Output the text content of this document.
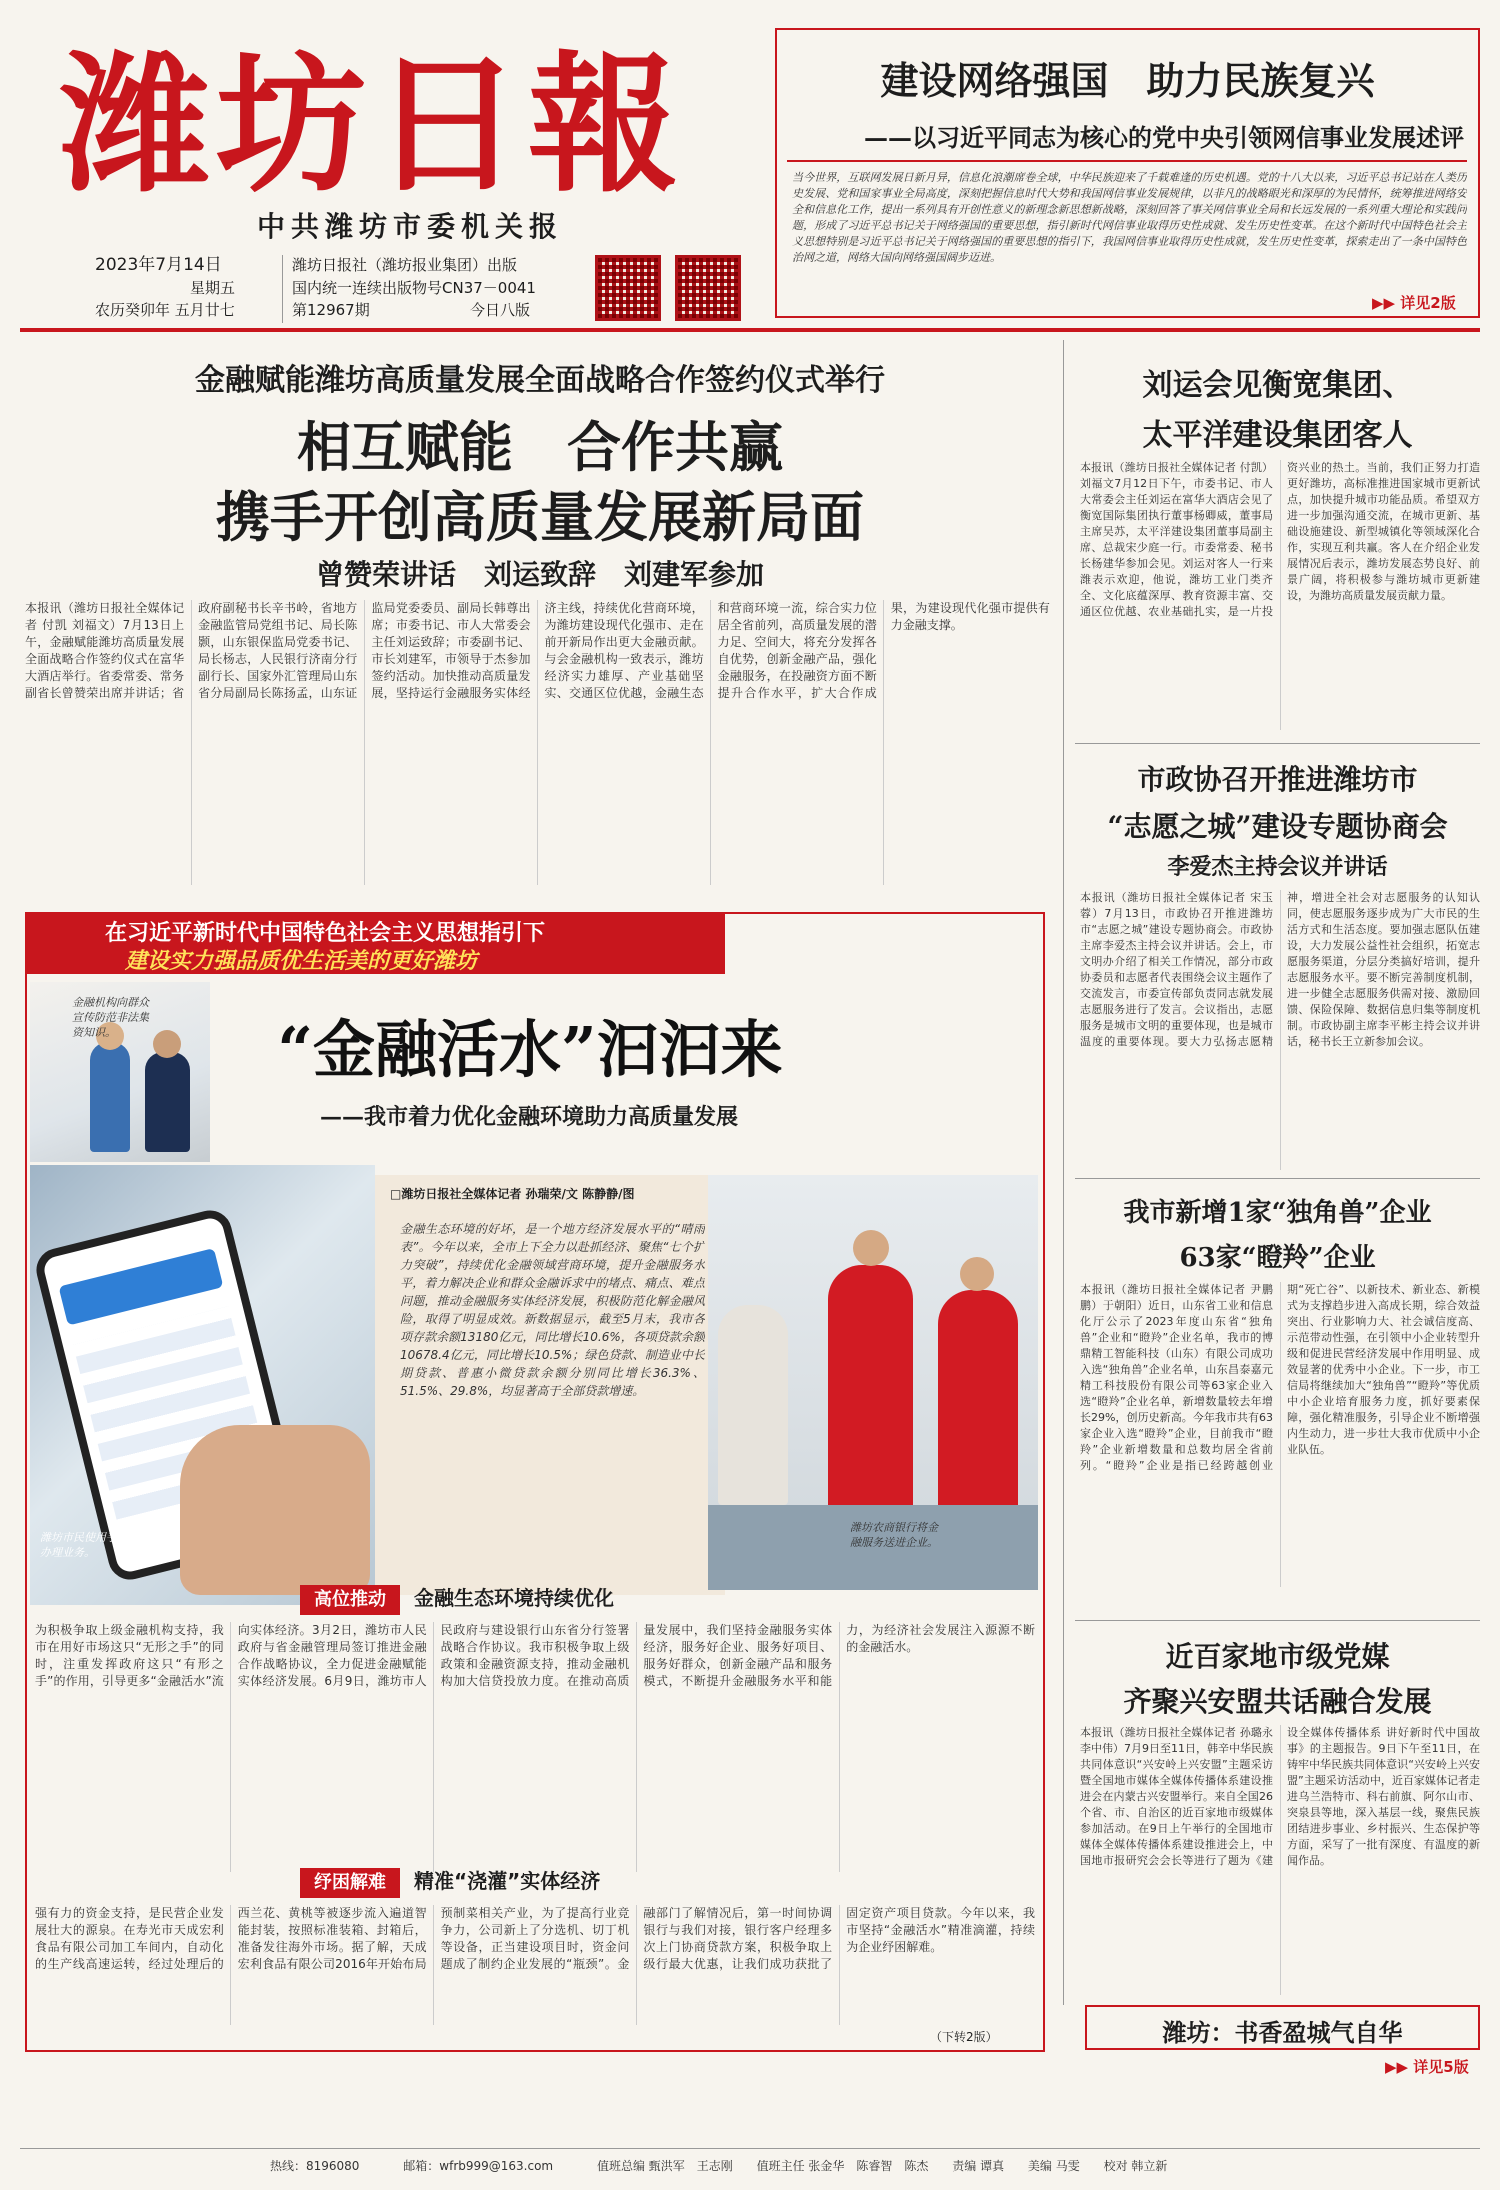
潍坊日報
中共潍坊市委机关报
2023年7月14日
星期五
农历癸卯年 五月廿七
潍坊日报社（潍坊报业集团）出版
国内统一连续出版物号CN37－0041
第12967期	今日八版
建设网络强国　助力民族复兴
——以习近平同志为核心的党中央引领网信事业发展述评
当今世界，互联网发展日新月异，信息化浪潮席卷全球，中华民族迎来了千载难逢的历史机遇。党的十八大以来，习近平总书记站在人类历史发展、党和国家事业全局高度，深刻把握信息时代大势和我国网信事业发展规律，以非凡的战略眼光和深厚的为民情怀，统筹推进网络安全和信息化工作，提出一系列具有开创性意义的新理念新思想新战略，深刻回答了事关网信事业全局和长远发展的一系列重大理论和实践问题，形成了习近平总书记关于网络强国的重要思想，指引新时代网信事业取得历史性成就、发生历史性变革。在这个新时代中国特色社会主义思想特别是习近平总书记关于网络强国的重要思想的指引下，我国网信事业取得历史性成就，发生历史性变革，探索走出了一条中国特色治网之道，网络大国向网络强国阔步迈进。
▶▶ 详见2版
金融赋能潍坊高质量发展全面战略合作签约仪式举行
相互赋能　合作共赢
携手开创高质量发展新局面
曾赞荣讲话　刘运致辞　刘建军参加
本报讯（潍坊日报社全媒体记者 付凯 刘福文）7月13日上午，金融赋能潍坊高质量发展全面战略合作签约仪式在富华大酒店举行。省委常委、常务副省长曾赞荣出席并讲话；省政府副秘书长辛书岭，省地方金融监管局党组书记、局长陈颢，山东银保监局党委书记、局长杨志，人民银行济南分行副行长、国家外汇管理局山东省分局副局长陈扬孟，山东证监局党委委员、副局长韩尊出席；市委书记、市人大常委会主任刘运致辞；市委副书记、市长刘建军，市领导于杰参加签约活动。加快推动高质量发展，坚持运行金融服务实体经济主线，持续优化营商环境，为潍坊建设现代化强市、走在前开新局作出更大金融贡献。与会金融机构一致表示，潍坊经济实力雄厚、产业基础坚实、交通区位优越，金融生态和营商环境一流，综合实力位居全省前列，高质量发展的潜力足、空间大，将充分发挥各自优势，创新金融产品，强化金融服务，在投融资方面不断提升合作水平，扩大合作成果，为建设现代化强市提供有力金融支撑。
在习近平新时代中国特色社会主义思想指引下
建设实力强品质优生活美的更好潍坊
“金融活水”汩汩来
——我市着力优化金融环境助力高质量发展
金融机构向群众宣传防范非法集资知识。
潍坊市民使用手机银行办理业务。
□潍坊日报社全媒体记者 孙瑞荣/文 陈静静/图
金融生态环境的好坏，是一个地方经济发展水平的“晴雨表”。今年以来，全市上下全力以赴抓经济、聚焦“七个扩力突破”，持续优化金融领域营商环境，提升金融服务水平，着力解决企业和群众金融诉求中的堵点、痛点、难点问题，推动金融服务实体经济发展，积极防范化解金融风险，取得了明显成效。新数据显示，截至5月末，我市各项存款余额13180亿元，同比增长10.6%，各项贷款余额10678.4亿元，同比增长10.5%；绿色贷款、制造业中长期贷款、普惠小微贷款余额分别同比增长36.3%、51.5%、29.8%，均显著高于全部贷款增速。
潍坊农商银行将金融服务送进企业。
高位推动 金融生态环境持续优化
为积极争取上级金融机构支持，我市在用好市场这只“无形之手”的同时，注重发挥政府这只“有形之手”的作用，引导更多“金融活水”流向实体经济。3月2日，潍坊市人民政府与省金融管理局签订推进金融合作战略协议，全力促进金融赋能实体经济发展。6月9日，潍坊市人民政府与建设银行山东省分行签署战略合作协议。我市积极争取上级政策和金融资源支持，推动金融机构加大信贷投放力度。在推动高质量发展中，我们坚持金融服务实体经济，服务好企业、服务好项目、服务好群众，创新金融产品和服务模式，不断提升金融服务水平和能力，为经济社会发展注入源源不断的金融活水。
纾困解难 精准“浇灌”实体经济
强有力的资金支持，是民营企业发展壮大的源泉。在寿光市天成宏利食品有限公司加工车间内，自动化的生产线高速运转，经过处理后的西兰花、黄桃等被逐步流入遍道智能封装，按照标准装箱、封箱后，准备发往海外市场。据了解，天成宏利食品有限公司2016年开始布局预制菜相关产业，为了提高行业竞争力，公司新上了分选机、切丁机等设备，正当建设项目时，资金问题成了制约企业发展的“瓶颈”。金融部门了解情况后，第一时间协调银行与我们对接，银行客户经理多次上门协商贷款方案，积极争取上级行最大优惠，让我们成功获批了固定资产项目贷款。今年以来，我市坚持“金融活水”精准滴灌，持续为企业纾困解难。
（下转2版）
刘运会见衡宽集团、
太平洋建设集团客人
本报讯（潍坊日报社全媒体记者 付凯）刘福文7月12日下午，市委书记、市人大常委会主任刘运在富华大酒店会见了衡宽国际集团执行董事杨卿威，董事局主席吴苏，太平洋建设集团董事局副主席、总裁宋少庭一行。市委常委、秘书长杨建华参加会见。刘运对客人一行来潍表示欢迎，他说，潍坊工业门类齐全、文化底蕴深厚、教育资源丰富、交通区位优越、农业基础扎实，是一片投资兴业的热土。当前，我们正努力打造更好潍坊，高标准推进国家城市更新试点，加快提升城市功能品质。希望双方进一步加强沟通交流，在城市更新、基础设施建设、新型城镇化等领域深化合作，实现互利共赢。客人在介绍企业发展情况后表示，潍坊发展态势良好、前景广阔，将积极参与潍坊城市更新建设，为潍坊高质量发展贡献力量。
市政协召开推进潍坊市
“志愿之城”建设专题协商会
李爱杰主持会议并讲话
本报讯（潍坊日报社全媒体记者 宋玉蓉）7月13日，市政协召开推进潍坊市“志愿之城”建设专题协商会。市政协主席李爱杰主持会议并讲话。会上，市文明办介绍了相关工作情况，部分市政协委员和志愿者代表围绕会议主题作了交流发言，市委宣传部负责同志就发展志愿服务进行了发言。会议指出，志愿服务是城市文明的重要体现，也是城市温度的重要体现。要大力弘扬志愿精神，增进全社会对志愿服务的认知认同，使志愿服务逐步成为广大市民的生活方式和生活态度。要加强志愿队伍建设，大力发展公益性社会组织，拓宽志愿服务渠道，分层分类搞好培训，提升志愿服务水平。要不断完善制度机制，进一步健全志愿服务供需对接、激励回馈、保险保障、数据信息归集等制度机制。市政协副主席李平彬主持会议并讲话，秘书长王立新参加会议。
我市新增1家“独角兽”企业
63家“瞪羚”企业
本报讯（潍坊日报社全媒体记者 尹鹏鹏）于朝阳）近日，山东省工业和信息化厅公示了2023年度山东省“独角兽”企业和“瞪羚”企业名单，我市的博鼎精工智能科技（山东）有限公司成功入选“独角兽”企业名单，山东昌泰嘉元精工科技股份有限公司等63家企业入选“瞪羚”企业名单，新增数量较去年增长29%，创历史新高。今年我市共有63家企业入选“瞪羚”企业，目前我市“瞪羚”企业新增数量和总数均居全省前列。“瞪羚”企业是指已经跨越创业期“死亡谷”、以新技术、新业态、新模式为支撑趋步进入高成长期，综合效益突出、行业影响力大、社会诚信度高、示范带动性强，在引领中小企业转型升级和促进民营经济发展中作用明显、成效显著的优秀中小企业。下一步，市工信局将继续加大“独角兽”“瞪羚”等优质中小企业培育服务力度，抓好要素保障，强化精准服务，引导企业不断增强内生动力，进一步壮大我市优质中小企业队伍。
近百家地市级党媒
齐聚兴安盟共话融合发展
本报讯（潍坊日报社全媒体记者 孙璐永 李中伟）7月9日至11日，韩辛中华民族共同体意识“兴安岭上兴安盟”主题采访暨全国地市媒体全媒体传播体系建设推进会在内蒙古兴安盟举行。来自全国26个省、市、自治区的近百家地市级媒体参加活动。在9日上午举行的全国地市媒体全媒体传播体系建设推进会上，中国地市报研究会会长等进行了题为《建设全媒体传播体系 讲好新时代中国故事》的主题报告。9日下午至11日，在铸牢中华民族共同体意识“兴安岭上兴安盟”主题采访活动中，近百家媒体记者走进乌兰浩特市、科右前旗、阿尔山市、突泉县等地，深入基层一线，聚焦民族团结进步事业、乡村振兴、生态保护等方面，采写了一批有深度、有温度的新闻作品。
潍坊：书香盈城气自华
▶▶ 详见5版
热线：8196080	邮箱：wfrb999@163.com	值班总编 甄洪军　王志刚 值班主任 张金华　陈睿智　陈杰 责编 谭真 美编 马雯 校对 韩立新
